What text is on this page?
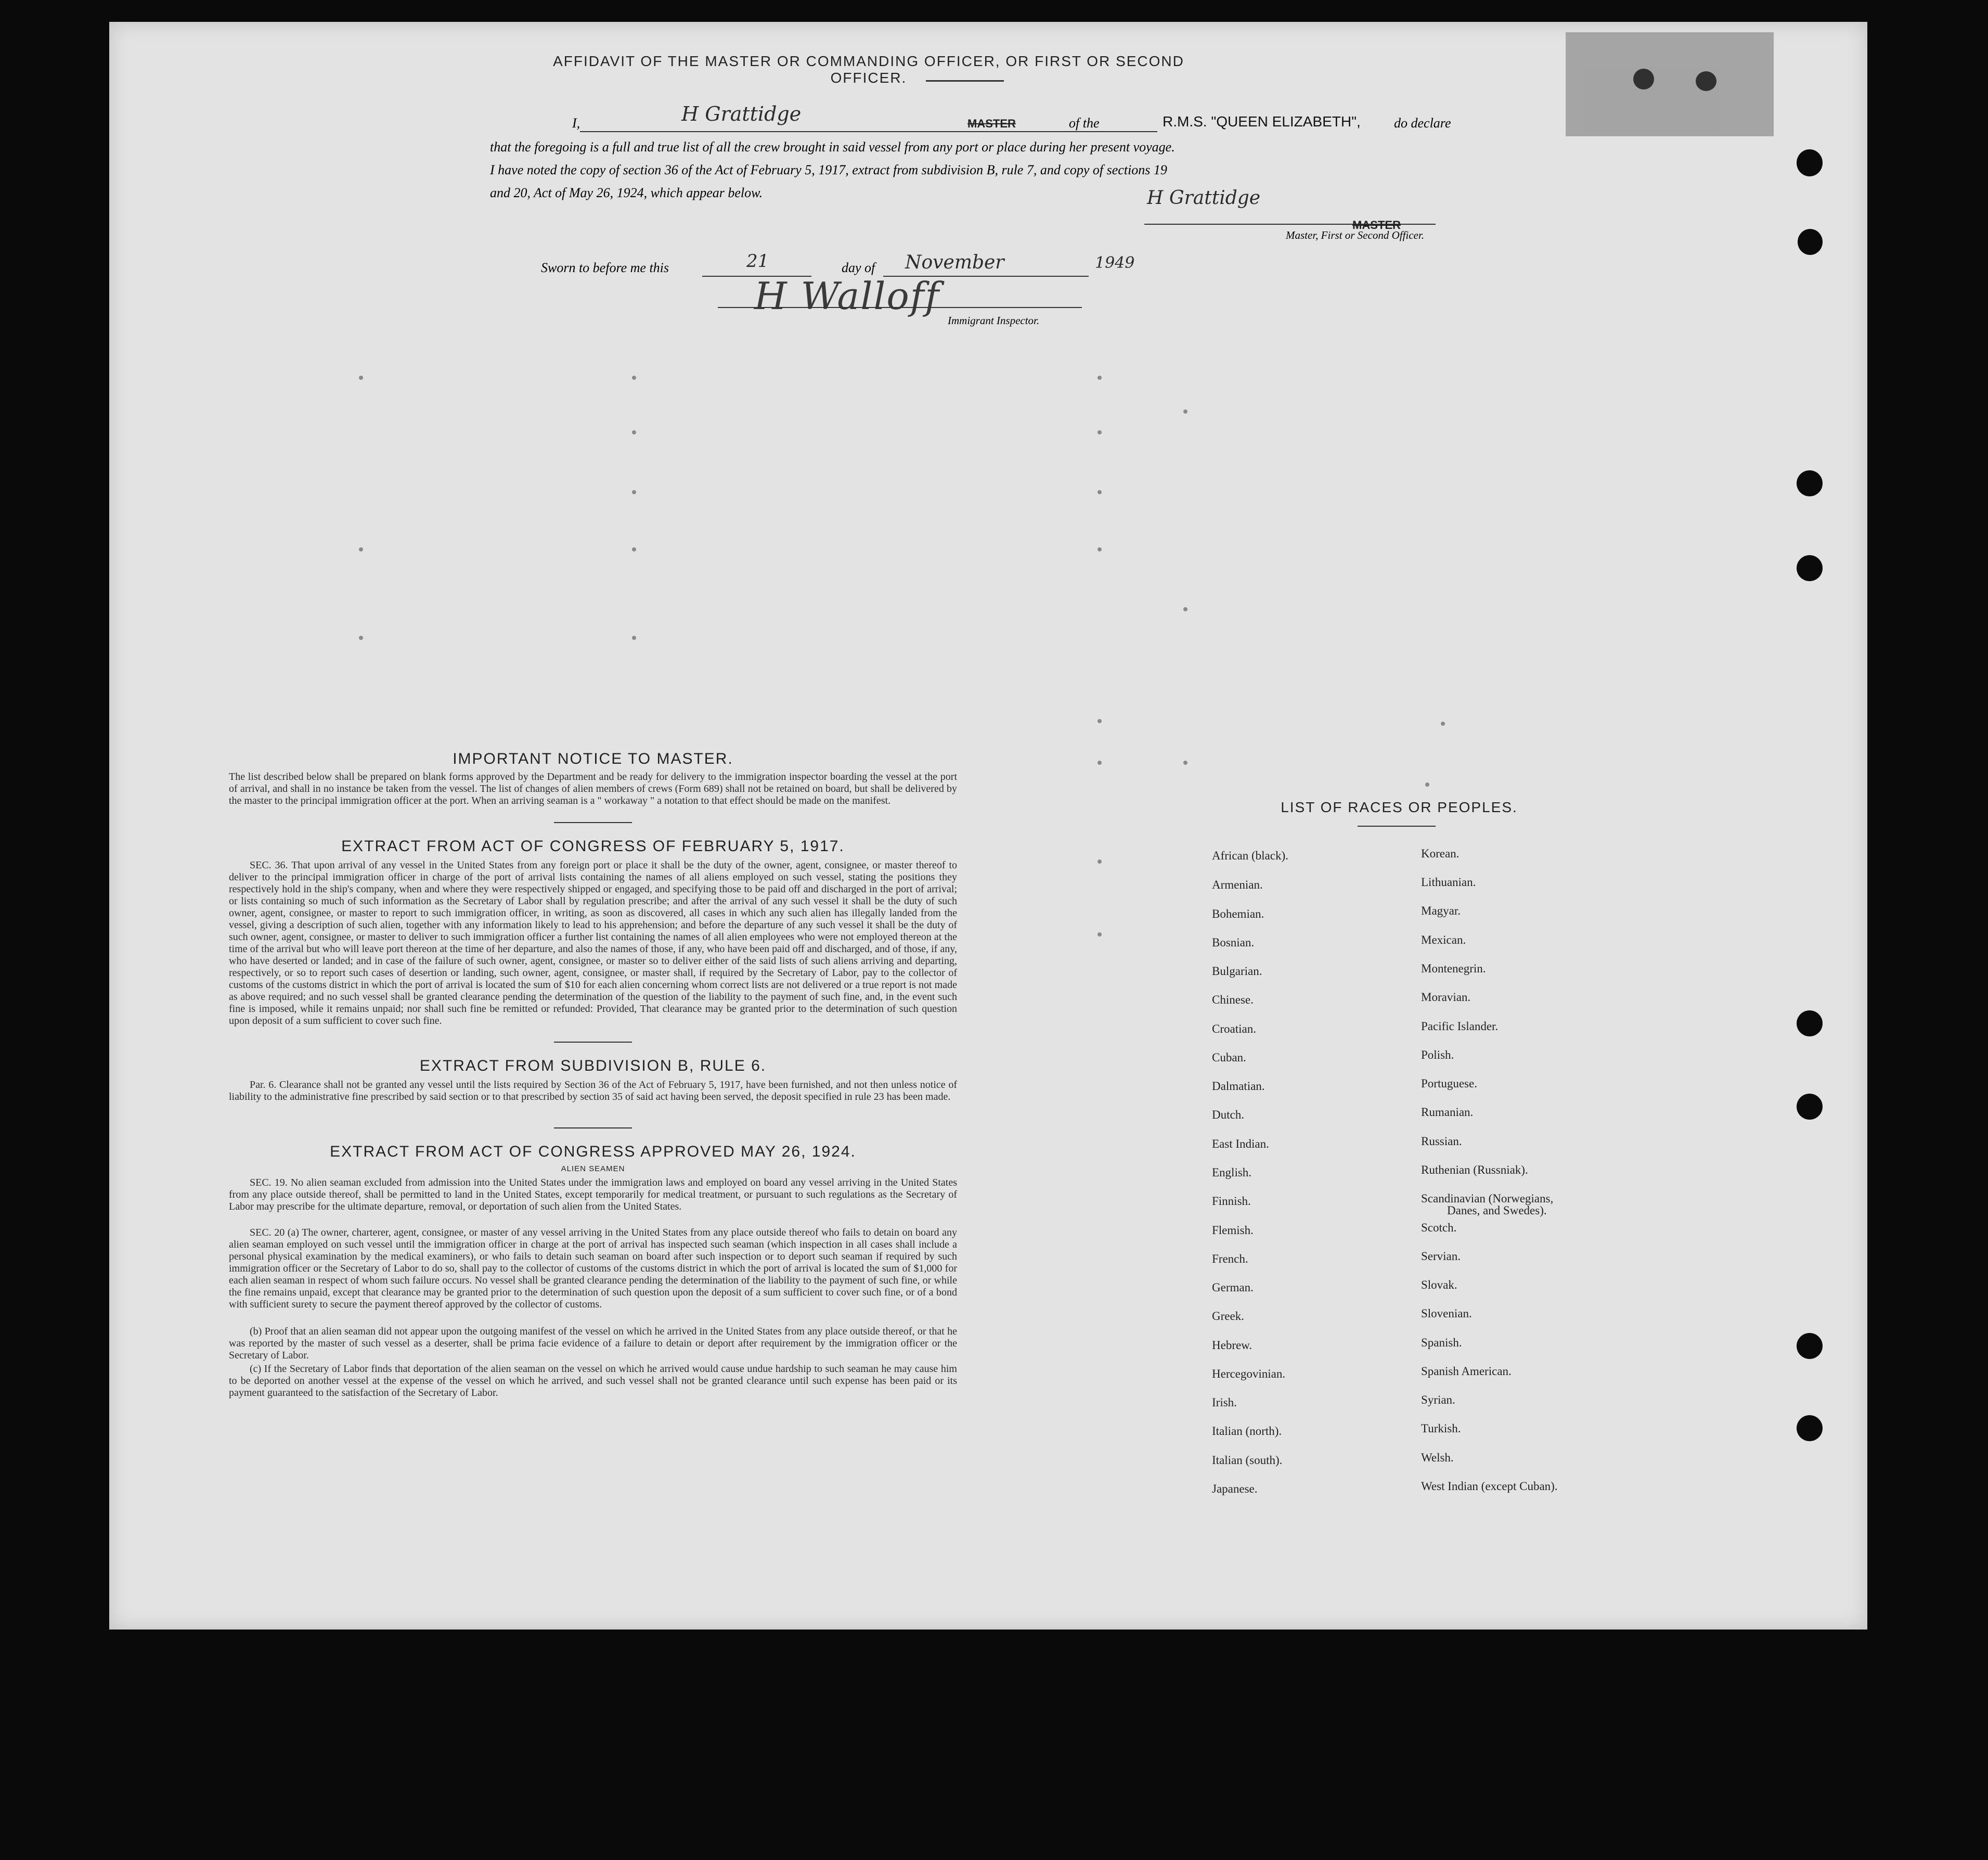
AFFIDAVIT OF THE MASTER OR COMMANDING OFFICER, OR FIRST OR SECOND OFFICER.
I,	H Grattidge	MASTER	of the	R.M.S. "QUEEN ELIZABETH", do declare
that the foregoing is a full and true list of all the crew brought in said vessel from any port or place during her present voyage.
I have noted the copy of section 36 of the Act of February 5, 1917, extract from subdivision B, rule 7, and copy of sections 19
and 20, Act of May 26, 1924, which appear below.	H Grattidge
MASTER
Master, First or Second Officer.
Sworn to before me this	21	day of November	1949
H Walloff
Immigrant Inspector.
IMPORTANT NOTICE TO MASTER.
The list described below shall be prepared on blank forms approved by the Department and be ready for delivery to the immigration inspector boarding the vessel at the port of arrival, and shall in no instance be taken from the vessel. The list of changes of alien members of crews (Form 689) shall not be retained on board, but shall be delivered by the master to the principal immigration officer at the port. When an arriving seaman is a " workaway " a notation to that effect should be made on the manifest.
EXTRACT FROM ACT OF CONGRESS OF FEBRUARY 5, 1917.
SEC. 36. That upon arrival of any vessel in the United States from any foreign port or place it shall be the duty of the owner, agent, consignee, or master thereof to deliver to the principal immigration officer in charge of the port of arrival lists containing the names of all aliens employed on such vessel, stating the positions they respectively hold in the ship's company, when and where they were respectively shipped or engaged, and specifying those to be paid off and discharged in the port of arrival; or lists containing so much of such information as the Secretary of Labor shall by regulation prescribe; and after the arrival of any such vessel it shall be the duty of such owner, agent, consignee, or master to report to such immigration officer, in writing, as soon as discovered, all cases in which any such alien has illegally landed from the vessel, giving a description of such alien, together with any information likely to lead to his apprehension; and before the departure of any such vessel it shall be the duty of such owner, agent, consignee, or master to deliver to such immigration officer a further list containing the names of all alien employees who were not employed thereon at the time of the arrival but who will leave port thereon at the time of her departure, and also the names of those, if any, who have been paid off and discharged, and of those, if any, who have deserted or landed; and in case of the failure of such owner, agent, consignee, or master so to deliver either of the said lists of such aliens arriving and departing, respectively, or so to report such cases of desertion or landing, such owner, agent, consignee, or master shall, if required by the Secretary of Labor, pay to the collector of customs of the customs district in which the port of arrival is located the sum of $10 for each alien concerning whom correct lists are not delivered or a true report is not made as above required; and no such vessel shall be granted clearance pending the determination of the question of the liability to the payment of such fine, and, in the event such fine is imposed, while it remains unpaid; nor shall such fine be remitted or refunded: Provided, That clearance may be granted prior to the determination of such question upon deposit of a sum sufficient to cover such fine.
EXTRACT FROM SUBDIVISION B, RULE 6.
Par. 6. Clearance shall not be granted any vessel until the lists required by Section 36 of the Act of February 5, 1917, have been furnished, and not then unless notice of liability to the administrative fine prescribed by said section or to that prescribed by section 35 of said act having been served, the deposit specified in rule 23 has been made.
EXTRACT FROM ACT OF CONGRESS APPROVED MAY 26, 1924.
ALIEN SEAMEN
SEC. 19. No alien seaman excluded from admission into the United States under the immigration laws and employed on board any vessel arriving in the United States from any place outside thereof, shall be permitted to land in the United States, except temporarily for medical treatment, or pursuant to such regulations as the Secretary of Labor may prescribe for the ultimate departure, removal, or deportation of such alien from the United States.
SEC. 20 (a) The owner, charterer, agent, consignee, or master of any vessel arriving in the United States from any place outside thereof who fails to detain on board any alien seaman employed on such vessel until the immigration officer in charge at the port of arrival has inspected such seaman (which inspection in all cases shall include a personal physical examination by the medical examiners), or who fails to detain such seaman on board after such inspection or to deport such seaman if required by such immigration officer or the Secretary of Labor to do so, shall pay to the collector of customs of the customs district in which the port of arrival is located the sum of $1,000 for each alien seaman in respect of whom such failure occurs. No vessel shall be granted clearance pending the determination of the liability to the payment of such fine, or while the fine remains unpaid, except that clearance may be granted prior to the determination of such question upon the deposit of a sum sufficient to cover such fine, or of a bond with sufficient surety to secure the payment thereof approved by the collector of customs.
(b) Proof that an alien seaman did not appear upon the outgoing manifest of the vessel on which he arrived in the United States from any place outside thereof, or that he was reported by the master of such vessel as a deserter, shall be prima facie evidence of a failure to detain or deport after requirement by the immigration officer or the Secretary of Labor.
(c) If the Secretary of Labor finds that deportation of the alien seaman on the vessel on which he arrived would cause undue hardship to such seaman he may cause him to be deported on another vessel at the expense of the vessel on which he arrived, and such vessel shall not be granted clearance until such expense has been paid or its payment guaranteed to the satisfaction of the Secretary of Labor.
LIST OF RACES OR PEOPLES.
African (black).
Armenian.
Bohemian.
Bosnian.
Bulgarian.
Chinese.
Croatian.
Cuban.
Dalmatian.
Dutch.
East Indian.
English.
Finnish.
Flemish.
French.
German.
Greek.
Hebrew.
Hercegovinian.
Irish.
Italian (north).
Italian (south).
Japanese.
Korean.
Lithuanian.
Magyar.
Mexican.
Montenegrin.
Moravian.
Pacific Islander.
Polish.
Portuguese.
Rumanian.
Russian.
Ruthenian (Russniak).
Scandinavian (Norwegians,
Danes, and Swedes).
Scotch.
Servian.
Slovak.
Slovenian.
Spanish.
Spanish American.
Syrian.
Turkish.
Welsh.
West Indian (except Cuban).
